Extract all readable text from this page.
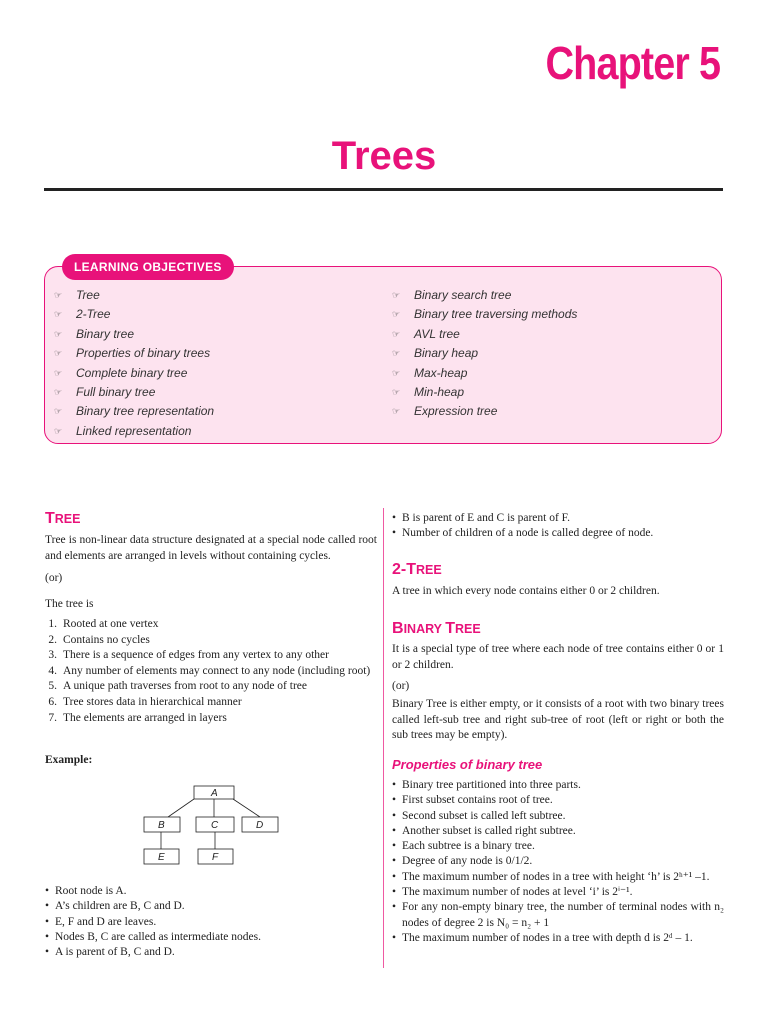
Chapter 5
Trees
LEARNING OBJECTIVES
☞	Tree
☞	2-Tree
☞	Binary tree
☞	Properties of binary trees
☞	Complete binary tree
☞	Full binary tree
☞	Binary tree representation
☞	Linked representation
☞	Binary search tree
☞	Binary tree traversing methods
☞	AVL tree
☞	Binary heap
☞	Max-heap
☞	Min-heap
☞	Expression tree
TREE
Tree is non-linear data structure designated at a special node called root and elements are arranged in levels without containing cycles.
(or)
The tree is
1. Rooted at one vertex
2. Contains no cycles
3. There is a sequence of edges from any vertex to any other
4. Any number of elements may connect to any node (including root)
5. A unique path traverses from root to any node of tree
6. Tree stores data in hierarchical manner
7. The elements are arranged in layers
Example:
A
B	C	D
E	F
• Root node is A.
• A’s children are B, C and D.
• E, F and D are leaves.
• Nodes B, C are called as intermediate nodes.
• A is parent of B, C and D.
• B is parent of E and C is parent of F.
• Number of children of a node is called degree of node.
2-TREE
A tree in which every node contains either 0 or 2 children.
BINARY TREE
It is a special type of tree where each node of tree contains either 0 or 1 or 2 children.
(or)
Binary Tree is either empty, or it consists of a root with two binary trees called left-sub tree and right sub-tree of root (left or right or both the sub trees may be empty).
Properties of binary tree
• Binary tree partitioned into three parts.
• First subset contains root of tree.
• Second subset is called left subtree.
• Another subset is called right subtree.
• Each subtree is a binary tree.
• Degree of any node is 0/1/2.
• The maximum number of nodes in a tree with height ‘h’ is 2ʰ⁺¹ –1.
• The maximum number of nodes at level ‘i’ is 2ⁱ⁻¹.
• For any non-empty binary tree, the number of terminal nodes with n₂ nodes of degree 2 is N₀ = n₂ + 1
• The maximum number of nodes in a tree with depth d is 2ᵈ – 1.
